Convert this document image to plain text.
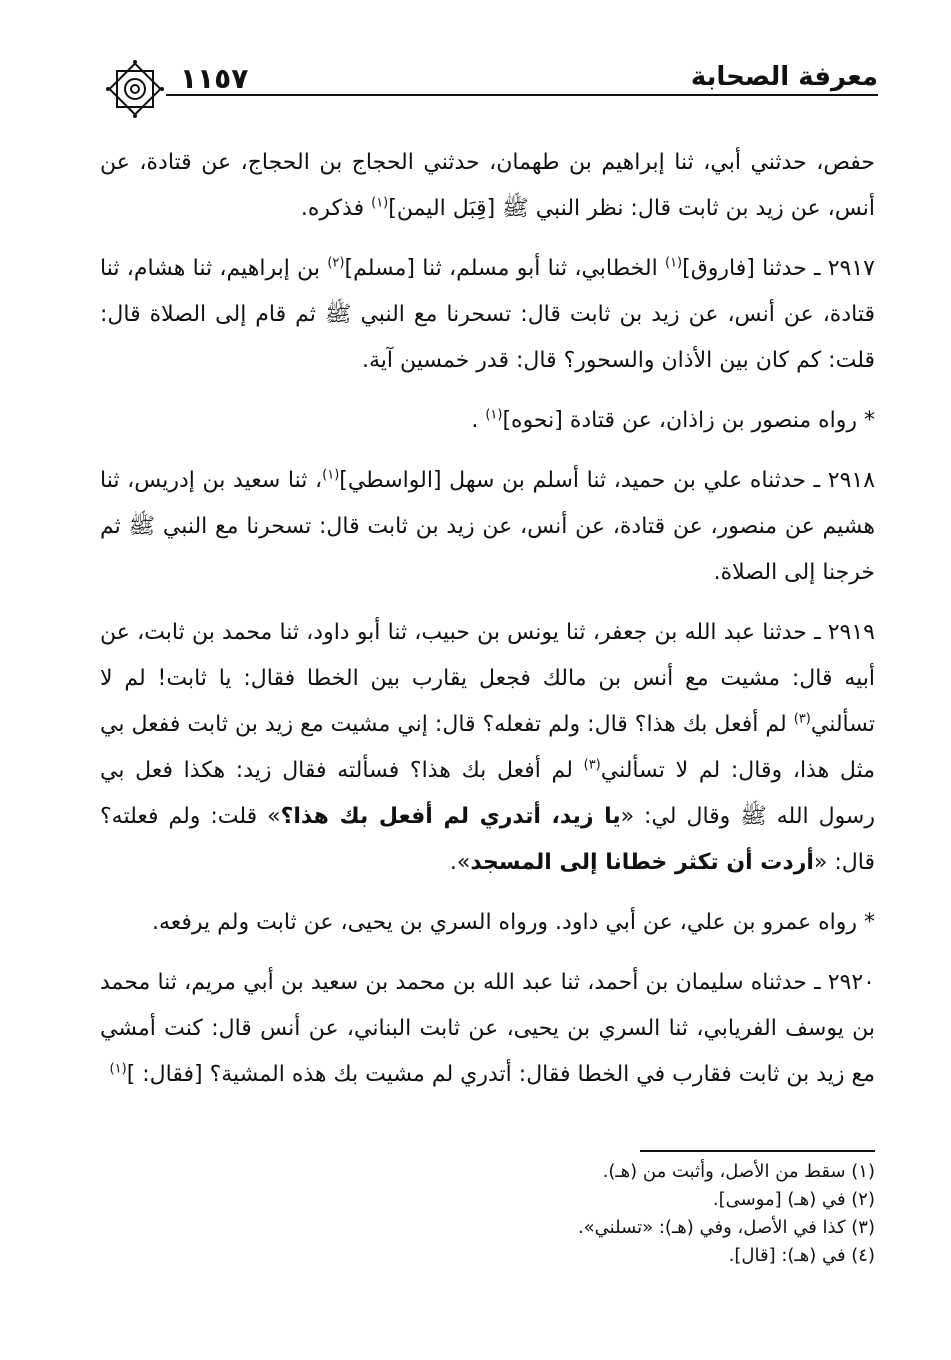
معرفة الصحابة
١١٥٧

حفص، حدثني أبي، ثنا إبراهيم بن طهمان، حدثني الحجاج بن الحجاج، عن قتادة، عن أنس، عن زيد بن ثابت قال: نظر النبي ﷺ [قِبَل اليمن]$^{(١)}$ فذكره.

٢٩١٧ ـ حدثنا [فاروق]$^{(١)}$ الخطابي، ثنا أبو مسلم، ثنا [مسلم]$^{(٢)}$ بن إبراهيم، ثنا هشام، ثنا قتادة، عن أنس، عن زيد بن ثابت قال: تسحرنا مع النبي ﷺ ثم قام إلى الصلاة قال: قلت: كم كان بين الأذان والسحور؟ قال: قدر خمسين آية.

* رواه منصور بن زاذان، عن قتادة [نحوه]$^{(١)}$ .

٢٩١٨ ـ حدثناه علي بن حميد، ثنا أسلم بن سهل [الواسطي]$^{(١)}$، ثنا سعيد بن إدريس، ثنا هشيم عن منصور، عن قتادة، عن أنس، عن زيد بن ثابت قال: تسحرنا مع النبي ﷺ ثم خرجنا إلى الصلاة.

٢٩١٩ ـ حدثنا عبد الله بن جعفر، ثنا يونس بن حبيب، ثنا أبو داود، ثنا محمد بن ثابت، عن أبيه قال: مشيت مع أنس بن مالك فجعل يقارب بين الخطا فقال: يا ثابت! لم لا تسألني$^{(٣)}$ لم أفعل بك هذا؟ قال: ولم تفعله؟ قال: إني مشيت مع زيد بن ثابت ففعل بي مثل هذا، وقال: لم لا تسألني$^{(٣)}$ لم أفعل بك هذا؟ فسألته فقال زيد: هكذا فعل بي رسول الله ﷺ وقال لي: «يا زيد، أتدري لم أفعل بك هذا؟» قلت: ولم فعلته؟ قال: «أردت أن تكثر خطانا إلى المسجد».

* رواه عمرو بن علي، عن أبي داود. ورواه السري بن يحيى، عن ثابت ولم يرفعه.

٢٩٢٠ ـ حدثناه سليمان بن أحمد، ثنا عبد الله بن محمد بن سعيد بن أبي مريم، ثنا محمد بن يوسف الفريابي، ثنا السري بن يحيى، عن ثابت البناني، عن أنس قال: كنت أمشي مع زيد بن ثابت فقارب في الخطا فقال: أتدري لم مشيت بك هذه المشية؟ [فقال: ]$^{(١)}$

(١) سقط من الأصل، وأثبت من (هـ).
(٢) في (هـ) [موسى].
(٣) كذا في الأصل، وفي (هـ): «تسلني».
(٤) في (هـ): [قال].
